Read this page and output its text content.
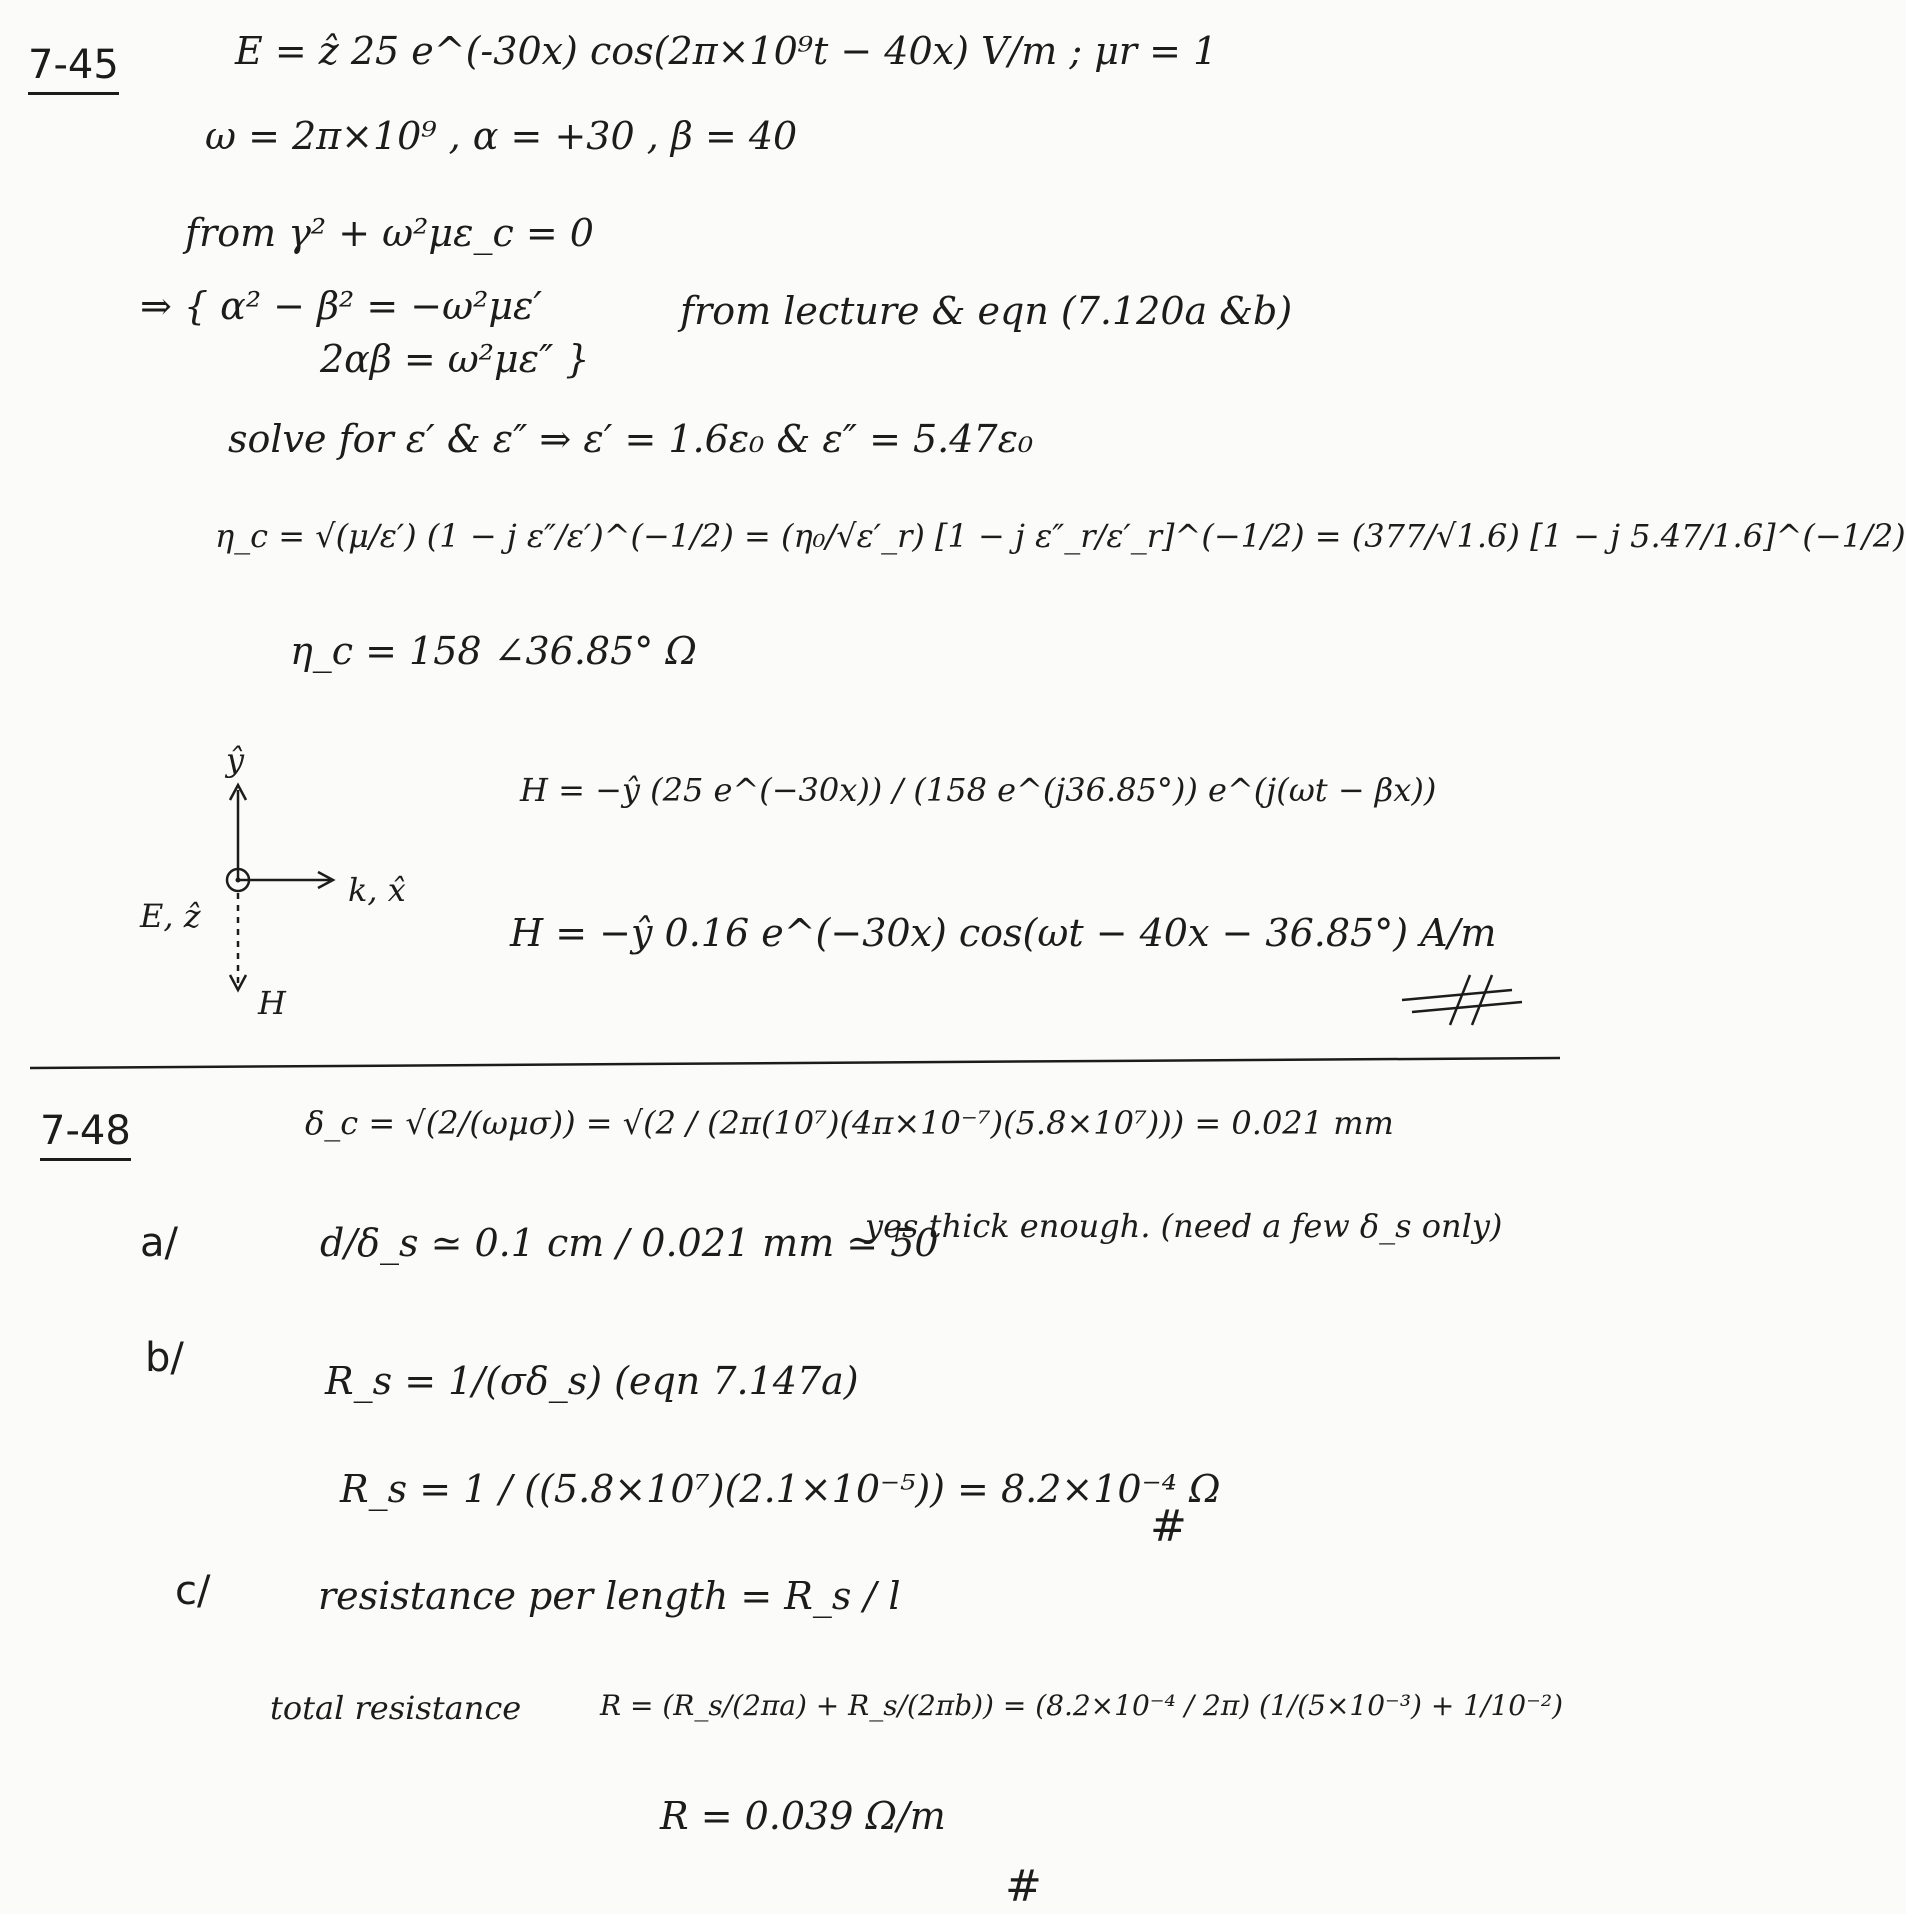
7-45	E = ẑ 25 e^(-30x) cos(2π×10⁹t − 40x) V/m ; μr = 1
ω = 2π×10⁹ , α = +30 , β = 40
from γ² + ω²με_c = 0
⇒ { α² − β² = −ω²με′
2αβ = ω²με″ }
from lecture & eqn (7.120a &b)
solve for ε′ & ε″ ⇒ ε′ = 1.6ε₀ & ε″ = 5.47ε₀
η_c = √(μ/ε′) (1 − j ε″/ε′)^(−1/2) = (η₀/√ε′_r) [1 − j ε″_r/ε′_r]^(−1/2) = (377/√1.6) [1 − j 5.47/1.6]^(−1/2)
η_c = 158 ∠36.85° Ω
H = −ŷ (25 e^(−30x)) / (158 e^(j36.85°)) e^(j(ωt − βx))
H = −ŷ 0.16 e^(−30x) cos(ωt − 40x − 36.85°) A/m
ŷ
k, x̂
E, ẑ
H
7-48	δ_c = √(2/(ωμσ)) = √(2 / (2π(10⁷)(4π×10⁻⁷)(5.8×10⁷))) = 0.021 mm
a/	d/δ_s ≃ 0.1 cm / 0.021 mm ≃ 50
yes thick enough. (need a few δ_s only)
b/	R_s = 1/(σδ_s) (eqn 7.147a)
R_s = 1 / ((5.8×10⁷)(2.1×10⁻⁵)) = 8.2×10⁻⁴ Ω
#
c/	resistance per length = R_s / l
total resistance	R = (R_s/(2πa) + R_s/(2πb)) = (8.2×10⁻⁴ / 2π) (1/(5×10⁻³) + 1/10⁻²)
R = 0.039 Ω/m
#
